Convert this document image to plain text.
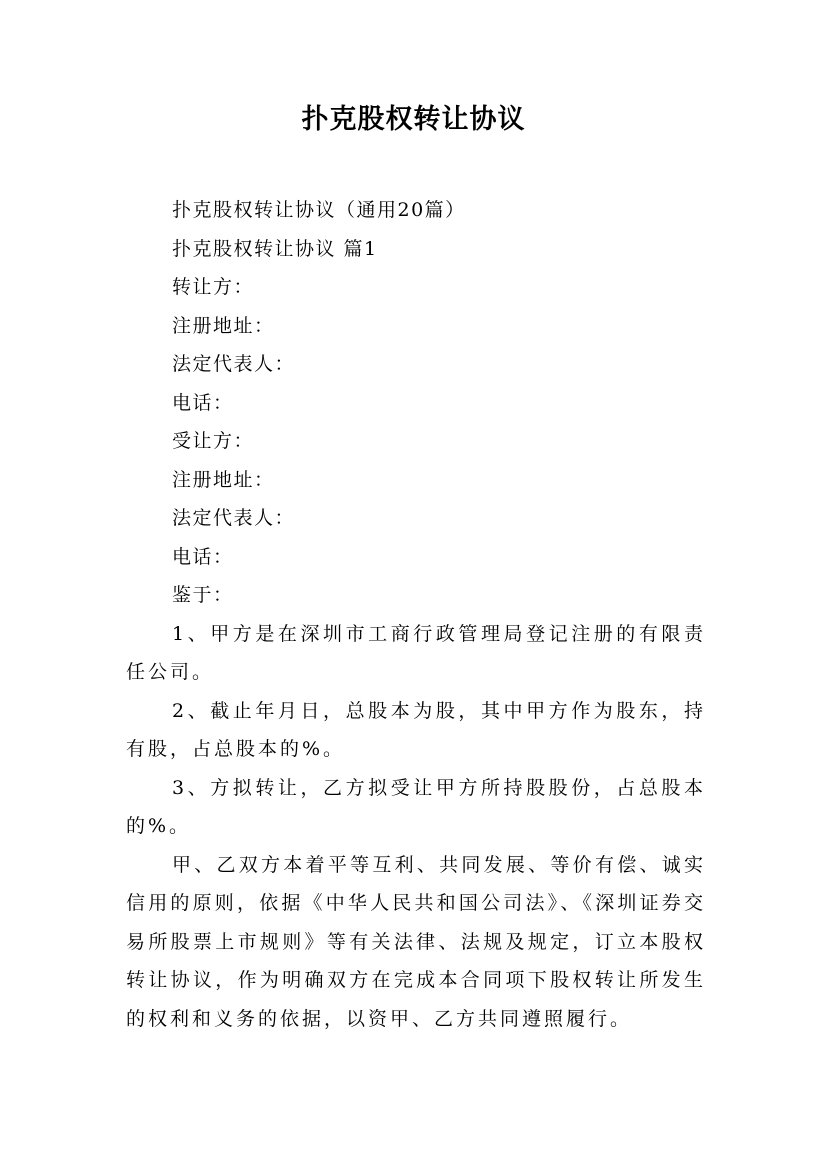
扑克股权转让协议

扑克股权转让协议（通用20篇）

扑克股权转让协议 篇1

转让方：

注册地址：

法定代表人：

电话：

受让方：

注册地址：

法定代表人：

电话：

鉴于：

1、甲方是在深圳市工商行政管理局登记注册的有限责任公司。

2、截止年月日，总股本为股，其中甲方作为股东，持有股，占总股本的%。

3、方拟转让，乙方拟受让甲方所持股股份，占总股本的%。

甲、乙双方本着平等互利、共同发展、等价有偿、诚实信用的原则，依据《中华人民共和国公司法》、《深圳证券交易所股票上市规则》等有关法律、法规及规定，订立本股权转让协议，作为明确双方在完成本合同项下股权转让所发生的权利和义务的依据，以资甲、乙方共同遵照履行。
